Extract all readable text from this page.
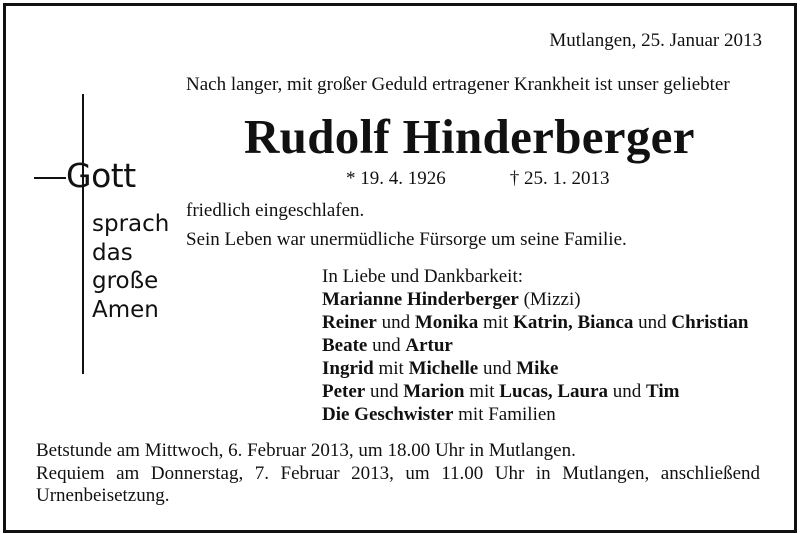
Mutlangen, 25. Januar 2013
Nach langer, mit großer Geduld ertragener Krankheit ist unser geliebter
Rudolf Hinderberger
* 19. 4. 1926	† 25. 1. 2013
friedlich eingeschlafen.
Sein Leben war unermüdliche Fürsorge um seine Familie.
Gott
sprach
das
große
Amen
In Liebe und Dankbarkeit:
Marianne Hinderberger (Mizzi)
Reiner und Monika mit Katrin, Bianca und Christian
Beate und Artur
Ingrid mit Michelle und Mike
Peter und Marion mit Lucas, Laura und Tim
Die Geschwister mit Familien
Betstunde am Mittwoch, 6. Februar 2013, um 18.00 Uhr in Mutlangen.
Requiem am Donnerstag, 7. Februar 2013, um 11.00 Uhr in Mutlangen, anschließend
Urnenbeisetzung.
